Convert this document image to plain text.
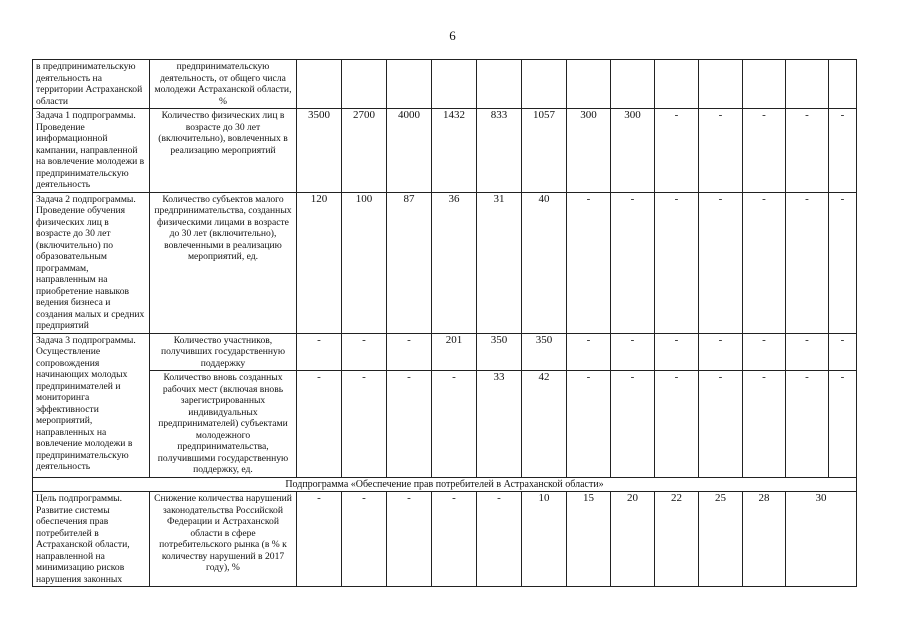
6
в предпринимательскую деятельность на территории Астраханской области	предпринимательскую деятельность, от общего числа молодежи Астраханской области, %													
Задача 1 подпрограммы. Проведение информационной кампании, направленной на вовлечение молодежи в предпринимательскую деятельность	Количество физических лиц в возрасте до 30 лет (включительно), вовлеченных в реализацию мероприятий	3500	2700	4000	1432	833	1057	300	300	-	-	-	-	-
Задача 2 подпрограммы. Проведение обучения физических лиц в возрасте до 30 лет (включительно) по образовательным программам, направленным на приобретение навыков ведения бизнеса и создания малых и средних предприятий	Количество субъектов малого предпринимательства, созданных физическими лицами в возрасте до 30 лет (включительно), вовлеченными в реализацию мероприятий, ед.	120	100	87	36	31	40	-	-	-	-	-	-	-
Задача 3 подпрограммы. Осуществление сопровождения начинающих молодых предпринимателей и мониторинга эффективности мероприятий, направленных на вовлечение молодежи в предпринимательскую деятельность	Количество участников, получивших государственную поддержку	-	-	-	201	350	350	-	-	-	-	-	-	-
	Количество вновь созданных рабочих мест (включая вновь зарегистрированных индивидуальных предпринимателей) субъектами молодежного предпринимательства, получившими государственную поддержку, ед.	-	-	-	-	33	42	-	-	-	-	-	-	-
Подпрограмма «Обеспечение прав потребителей в Астраханской области»														
Цель подпрограммы. Развитие системы обеспечения прав потребителей в Астраханской области, направленной на минимизацию рисков нарушения законных	Снижение количества нарушений законодательства Российской Федерации и Астраханской области в сфере потребительского рынка (в % к количеству нарушений в 2017 году), %	-	-	-	-	-	10	15	20	22	25	28	30	
